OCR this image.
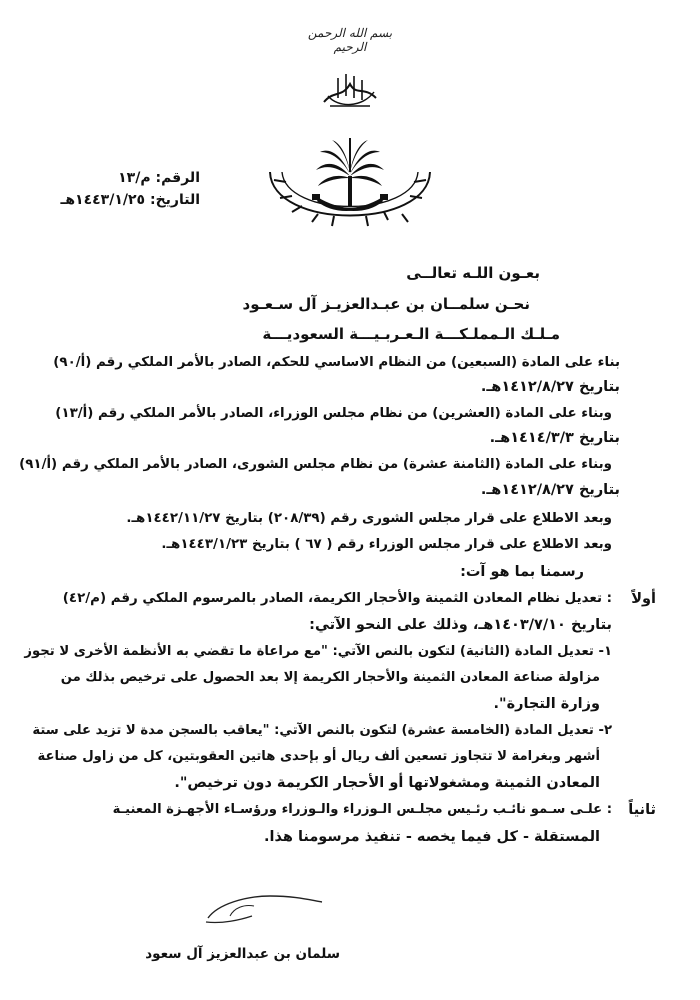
بسم الله الرحمن الرحيم
الرقم: م/١٣
التاريخ: ١٤٤٣/١/٢٥هـ
بعـون اللـه تعالــى
نحـن سلمــان بن عبـدالعزيـز آل سـعـود
مـلـك الـمملـكـــة الـعـربـيـــة السعوديـــة
بناء على المادة (السبعين) من النظام الاساسي للحكم، الصادر بالأمر الملكي رقم (أ/٩٠)
بتاريخ ١٤١٢/٨/٢٧هـ.
وبناء على المادة (العشرين) من نظام مجلس الوزراء، الصادر بالأمر الملكي رقم (أ/١٣)
بتاريخ ١٤١٤/٣/٣هـ.
وبناء على المادة (الثامنة عشرة) من نظام مجلس الشورى، الصادر بالأمر الملكي رقم (أ/٩١)
بتاريخ ١٤١٢/٨/٢٧هـ.
وبعد الاطلاع على قرار مجلس الشورى رقم (٢٠٨/٣٩) بتاريخ ١٤٤٢/١١/٢٧هـ.
وبعد الاطلاع على قرار مجلس الوزراء رقم ( ٦٧ ) بتاريخ ١٤٤٣/١/٢٣هـ.
رسمنا بما هو آت:
أولاً
: تعديل نظام المعادن الثمينة والأحجار الكريمة، الصادر بالمرسوم الملكي رقم (م/٤٢)
بتاريخ ١٤٠٣/٧/١٠هـ، وذلك على النحو الآتي:
١- تعديل المادة (الثانية) لتكون بالنص الآتي: "مع مراعاة ما تقضي به الأنظمة الأخرى لا تجوز
مزاولة صناعة المعادن الثمينة والأحجار الكريمة إلا بعد الحصول على ترخيص بذلك من
وزارة التجارة".
٢- تعديل المادة (الخامسة عشرة) لتكون بالنص الآتي: "يعاقب بالسجن مدة لا تزيد على ستة
أشهر وبغرامة لا تتجاوز تسعين ألف ريال أو بإحدى هاتين العقوبتين، كل من زاول صناعة
المعادن الثمينة ومشغولاتها أو الأحجار الكريمة دون ترخيص".
ثانياً
: علـى سـمو نائـب رئـيس مجلـس الـوزراء والـوزراء ورؤسـاء الأجهـزة المعنيـة
المستقلة - كل فيما يخصه - تنفيذ مرسومنا هذا.
سلمان بن عبدالعزيز آل سعود
